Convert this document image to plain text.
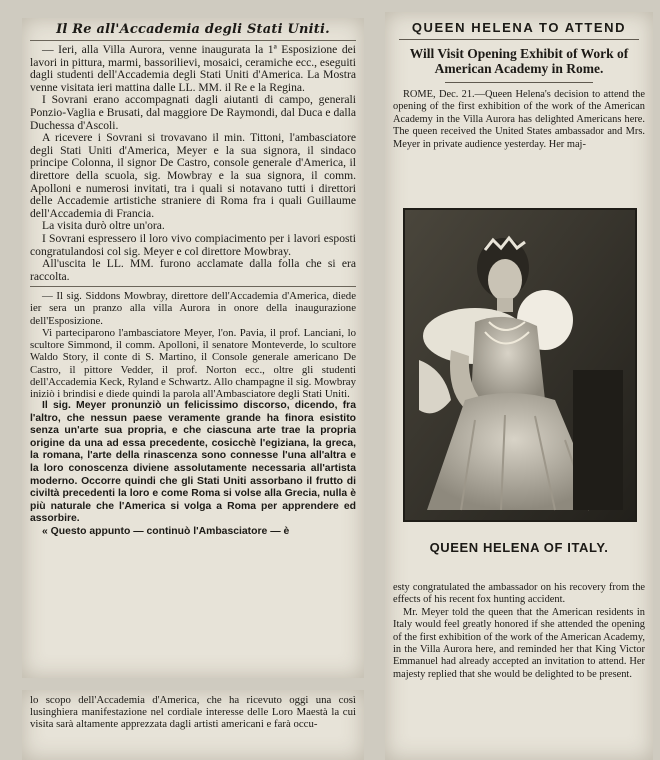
Il Re all'Accademia degli Stati Uniti.

— Ieri, alla Villa Aurora, venne inaugurata la 1ª Esposizione dei lavori in pittura, marmi, bassorilievi, mosaici, ceramiche ecc., eseguiti dagli studenti dell'Accademia degli Stati Uniti d'America. La Mostra venne visitata ieri mattina dalle LL. MM. il Re e la Regina.

I Sovrani erano accompagnati dagli aiutanti di campo, generali Ponzio-Vaglia e Brusati, dal maggiore De Raymondi, dal Duca e dalla Duchessa d'Ascoli.

A ricevere i Sovrani si trovavano il min. Tittoni, l'ambasciatore degli Stati Uniti d'America, Meyer e la sua signora, il sindaco principe Colonna, il signor De Castro, console generale d'America, il direttore della scuola, sig. Mowbray e la sua signora, il comm. Apolloni e numerosi invitati, tra i quali si notavano tutti i direttori delle Accademie artistiche straniere di Roma fra i quali Guillaume dell'Accademia di Francia.

La visita durò oltre un'ora.

I Sovrani espressero il loro vivo compiacimento per i lavori esposti congratulandosi col sig. Meyer e col direttore Mowbray.

All'uscita le LL. MM. furono acclamate dalla folla che si era raccolta.

— Il sig. Siddons Mowbray, direttore dell'Accademia d'America, diede ier sera un pranzo alla villa Aurora in onore della inaugurazione dell'Esposizione.

Vi parteciparono l'ambasciatore Meyer, l'on. Pavia, il prof. Lanciani, lo scultore Simmond, il comm. Apolloni, il senatore Monteverde, lo scultore Waldo Story, il conte di S. Martino, il Console generale americano De Castro, il pittore Vedder, il prof. Norton ecc., oltre gli studenti dell'Accademia Keck, Ryland e Schwartz. Allo champagne il sig. Mowbray iniziò i brindisi e diede quindi la parola all'Ambasciatore degli Stati Uniti.

Il sig. Meyer pronunziò un felicissimo discorso, dicendo, fra l'altro, che nessun paese veramente grande ha finora esistito senza un'arte sua propria, e che ciascuna arte trae la propria origine da una ad essa precedente, cosicchè l'egiziana, la greca, la romana, l'arte della rinascenza sono connesse l'una all'altra e la loro conoscenza diviene assolutamente necessaria all'artista moderno. Occorre quindi che gli Stati Uniti assorbano il frutto di civiltà precedenti la loro e come Roma si volse alla Grecia, nulla è più naturale che l'America si volga a Roma per apprendere ed assorbire.

« Questo appunto — continuò l'Ambasciatore — è

lo scopo dell'Accademia d'America, che ha ricevuto oggi una così lusinghiera manifestazione nel cordiale interesse delle Loro Maestà la cui visita sarà altamente apprezzata dagli artisti americani e farà occu-

QUEEN HELENA TO ATTEND
Will Visit Opening Exhibit of Work of American Academy in Rome.

ROME, Dec. 21.—Queen Helena's decision to attend the opening of the first exhibition of the work of the American Academy in the Villa Aurora has delighted Americans here. The queen received the United States ambassador and Mrs. Meyer in private audience yesterday. Her maj-

QUEEN HELENA OF ITALY.

esty congratulated the ambassador on his recovery from the effects of his recent fox hunting accident.

Mr. Meyer told the queen that the American residents in Italy would feel greatly honored if she attended the opening of the first exhibition of the work of the American Academy, in the Villa Aurora here, and reminded her that King Victor Emmanuel had already accepted an invitation to attend. Her majesty replied that she would be delighted to be present.
